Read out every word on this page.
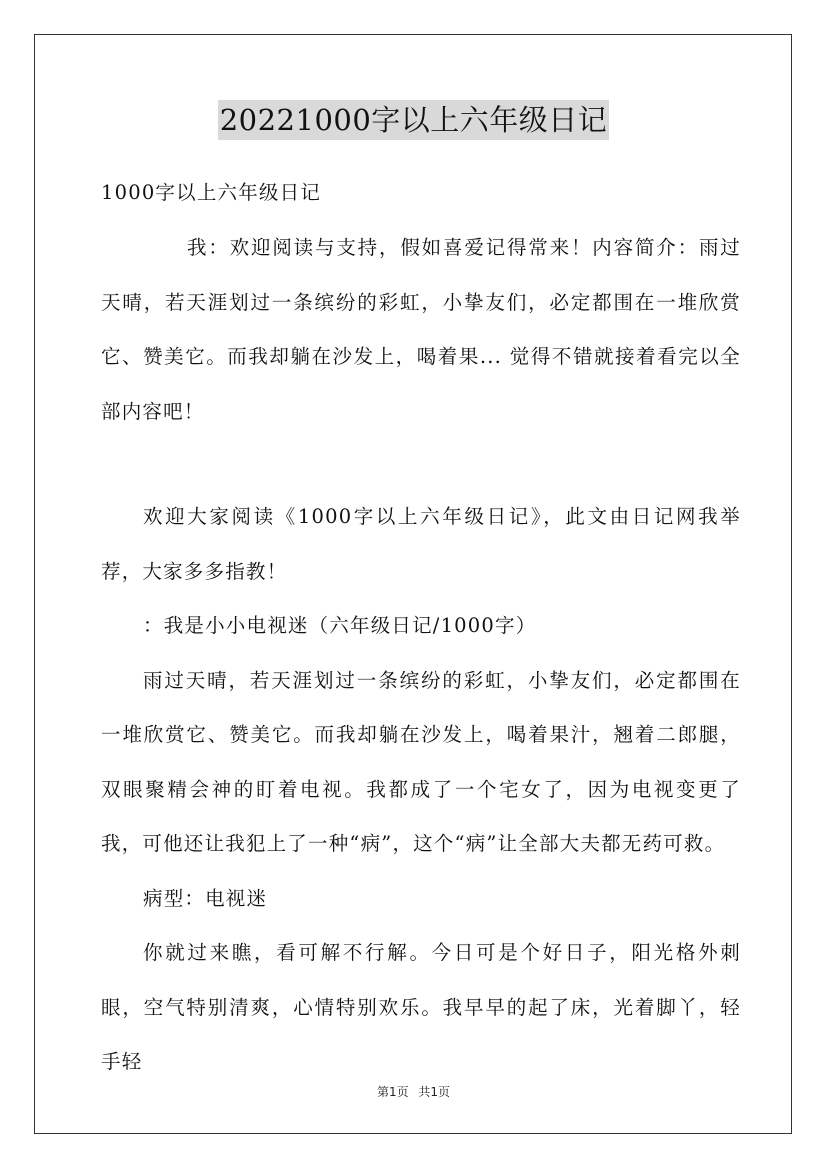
20221000字以上六年级日记

1000字以上六年级日记

我：欢迎阅读与支持，假如喜爱记得常来！内容简介：雨过天晴，若天涯划过一条缤纷的彩虹，小挚友们，必定都围在一堆欣赏它、赞美它。而我却躺在沙发上，喝着果... 觉得不错就接着看完以全部内容吧！

欢迎大家阅读《1000字以上六年级日记》，此文由日记网我举荐，大家多多指教！

：我是小小电视迷（六年级日记/1000字）

雨过天晴，若天涯划过一条缤纷的彩虹，小挚友们，必定都围在一堆欣赏它、赞美它。而我却躺在沙发上，喝着果汁，翘着二郎腿，双眼聚精会神的盯着电视。我都成了一个宅女了，因为电视变更了我，可他还让我犯上了一种“病”，这个“病”让全部大夫都无药可救。

病型：电视迷

你就过来瞧，看可解不行解。今日可是个好日子，阳光格外刺眼，空气特别清爽，心情特别欢乐。我早早的起了床，光着脚丫，轻手轻

第1页 共1页
